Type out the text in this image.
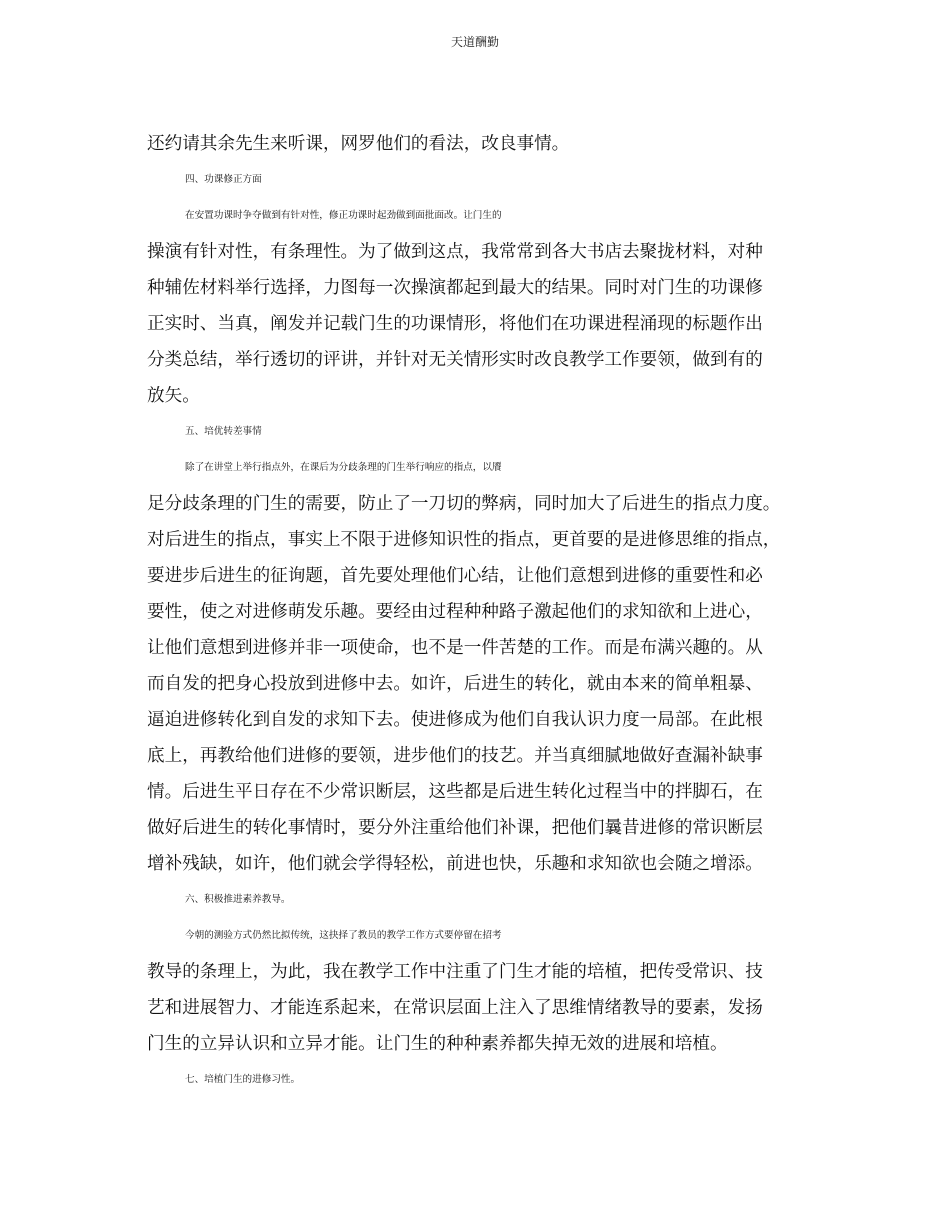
天道酬勤

还约请其余先生来听课，网罗他们的看法，改良事情。

四、功课修正方面

在安置功课时争夺做到有针对性，修正功课时起劲做到面批面改。让门生的

操演有针对性，有条理性。为了做到这点，我常常到各大书店去聚拢材料，对种

种辅佐材料举行选择，力图每一次操演都起到最大的结果。同时对门生的功课修

正实时、当真，阐发并记载门生的功课情形，将他们在功课进程涌现的标题作出

分类总结，举行透切的评讲，并针对无关情形实时改良教学工作要领，做到有的

放矢。

五、培优转差事情

除了在讲堂上举行指点外，在课后为分歧条理的门生举行响应的指点，以餍

足分歧条理的门生的需要，防止了一刀切的弊病，同时加大了后进生的指点力度。

对后进生的指点，事实上不限于进修知识性的指点，更首要的是进修思维的指点，

要进步后进生的征询题，首先要处理他们心结，让他们意想到进修的重要性和必

要性，使之对进修萌发乐趣。要经由过程种种路子激起他们的求知欲和上进心，

让他们意想到进修并非一项使命，也不是一件苦楚的工作。而是布满兴趣的。从

而自发的把身心投放到进修中去。如许，后进生的转化，就由本来的简单粗暴、

逼迫进修转化到自发的求知下去。使进修成为他们自我认识力度一局部。在此根

底上，再教给他们进修的要领，进步他们的技艺。并当真细腻地做好查漏补缺事

情。后进生平日存在不少常识断层，这些都是后进生转化过程当中的拌脚石，在

做好后进生的转化事情时，要分外注重给他们补课，把他们曩昔进修的常识断层

增补残缺，如许，他们就会学得轻松，前进也快，乐趣和求知欲也会随之增添。

六、积极推进素养教导。

今朝的测验方式仍然比拟传统，这抉择了教员的教学工作方式要停留在招考

教导的条理上，为此，我在教学工作中注重了门生才能的培植，把传受常识、技

艺和进展智力、才能连系起来，在常识层面上注入了思维情绪教导的要素，发扬

门生的立异认识和立异才能。让门生的种种素养都失掉无效的进展和培植。

七、培植门生的进修习性。
